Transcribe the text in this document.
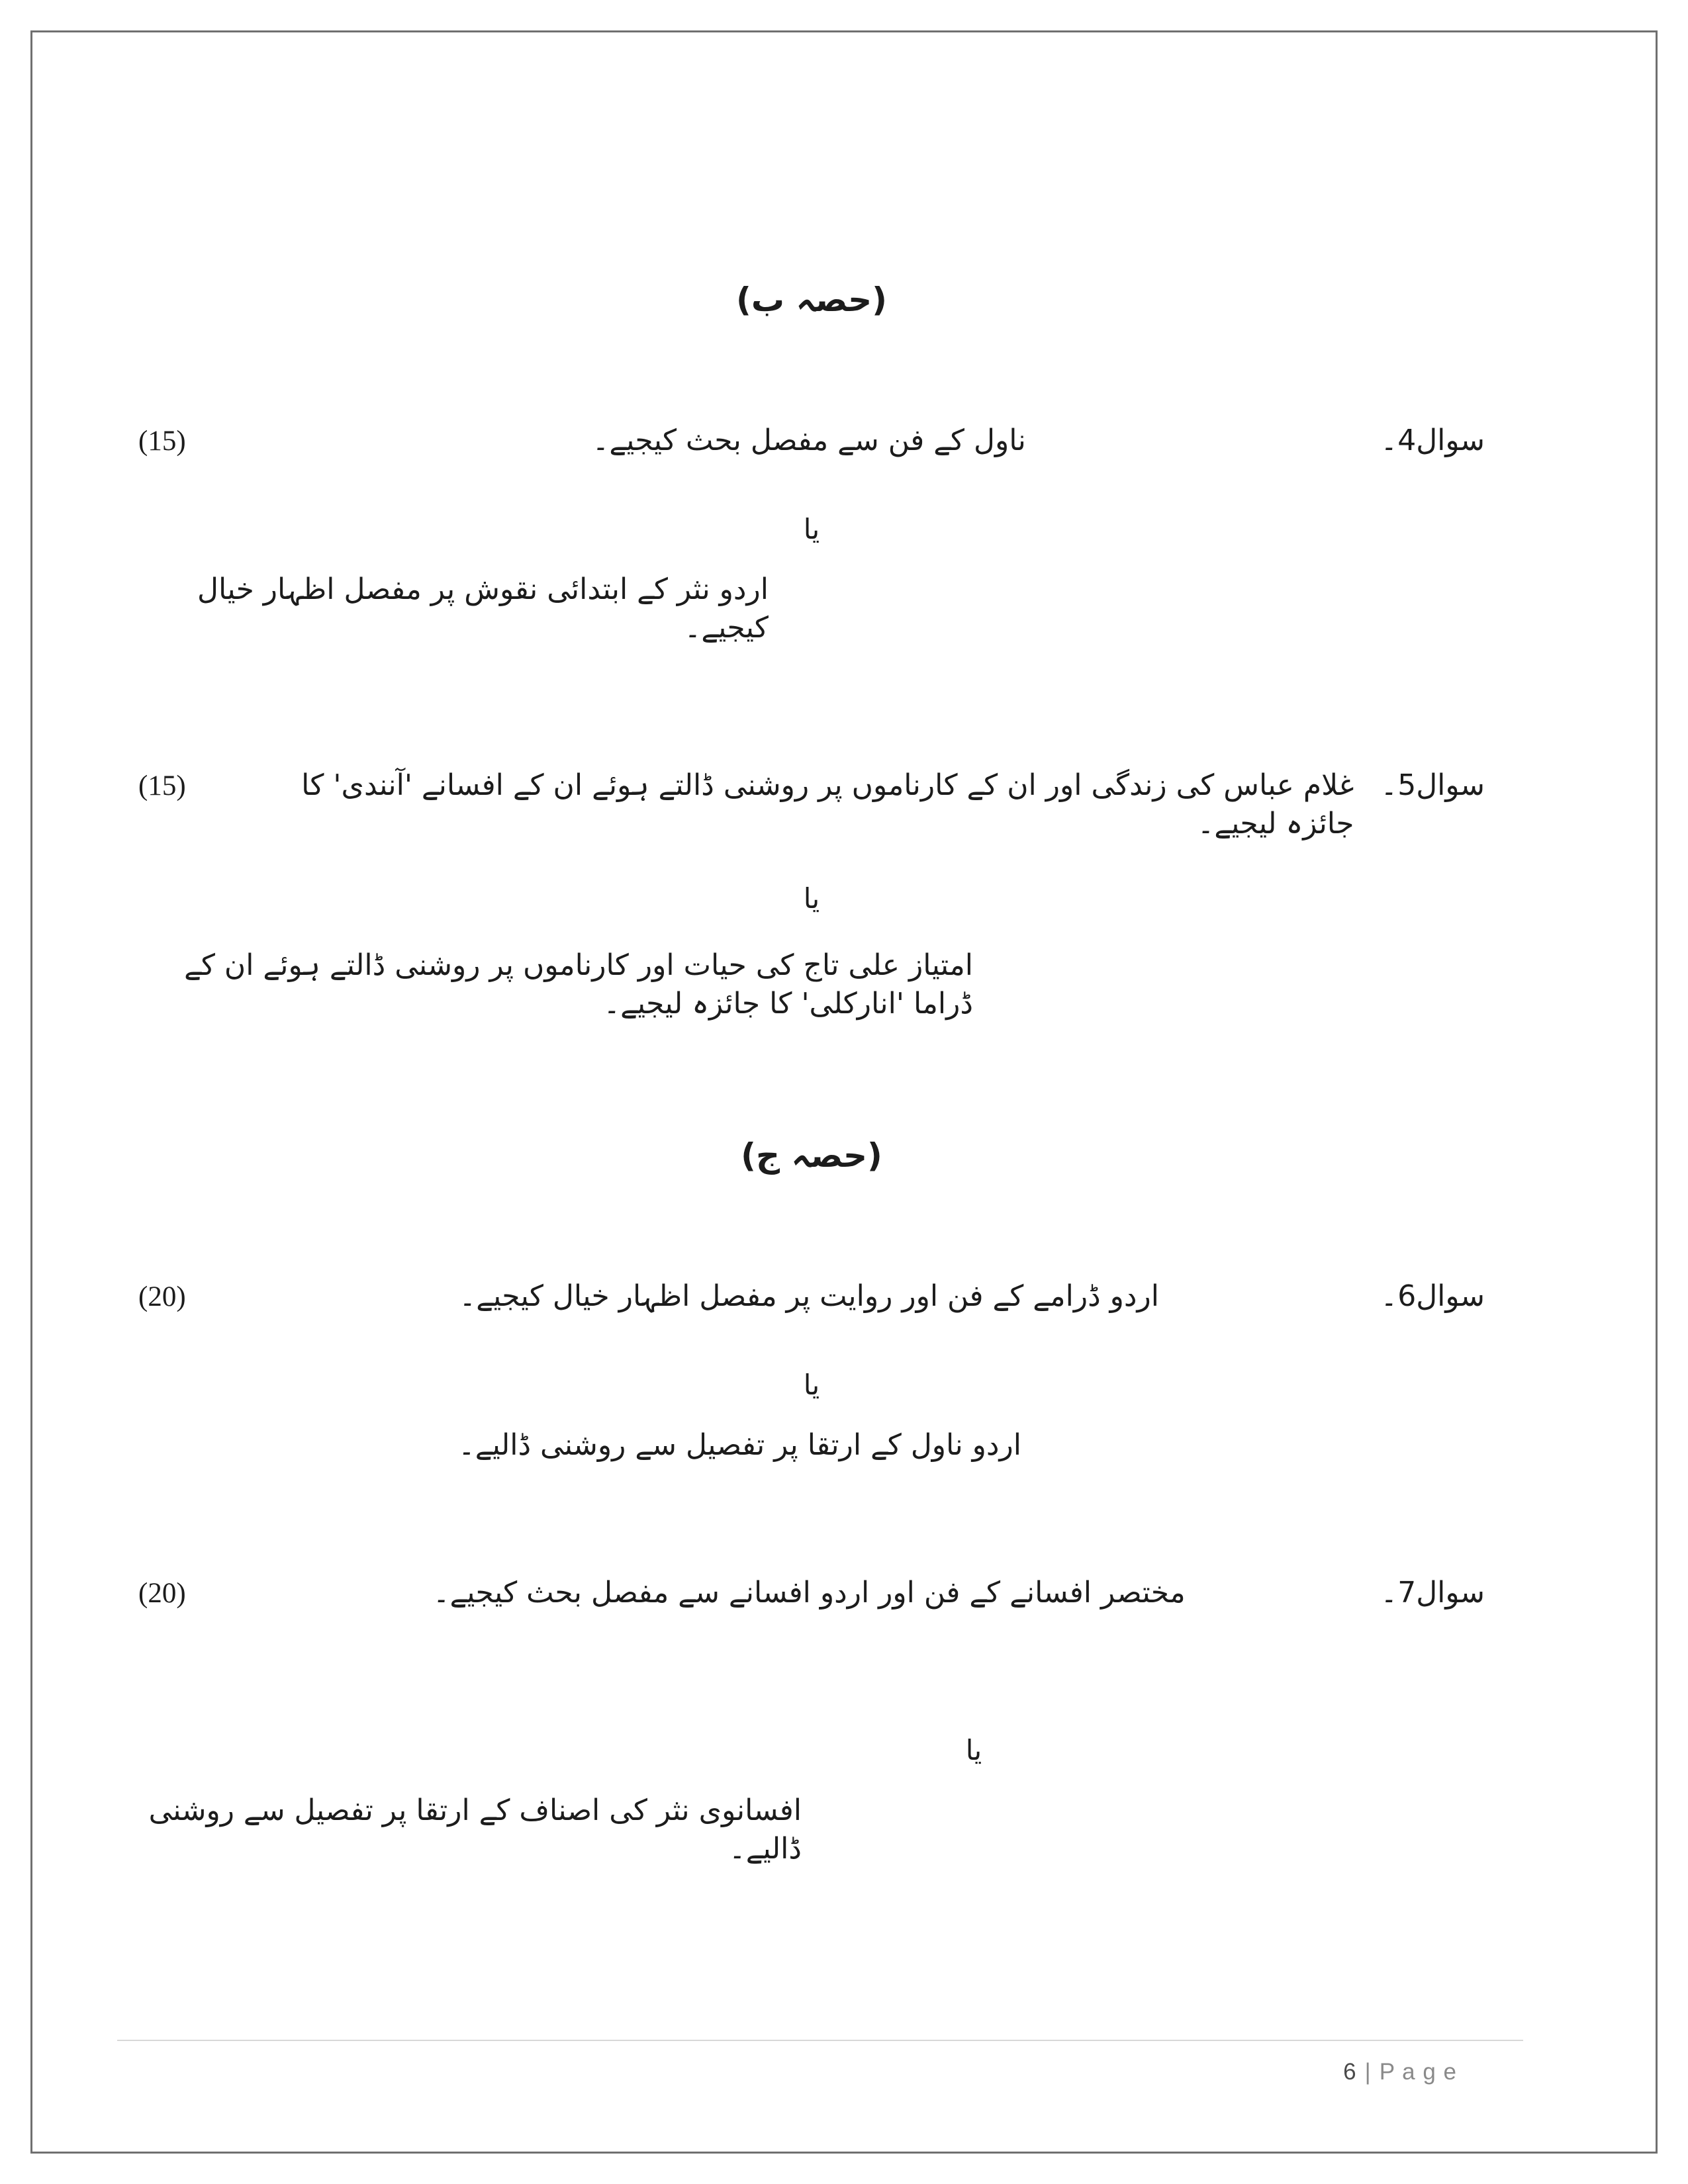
(حصہ ب)
سوال4۔
ناول کے فن سے مفصل بحث کیجیے۔
(15)
یا
اردو نثر کے ابتدائی نقوش پر مفصل اظہار خیال کیجیے۔
سوال5۔
غلام عباس کی زندگی اور ان کے کارناموں پر روشنی ڈالتے ہوئے ان کے افسانے 'آنندی' کا جائزہ لیجیے۔
(15)
یا
امتیاز علی تاج کی حیات اور کارناموں پر روشنی ڈالتے ہوئے ان کے ڈراما 'انارکلی' کا جائزہ لیجیے۔
(حصہ ج)
سوال6۔
اردو ڈرامے کے فن اور روایت پر مفصل اظہار خیال کیجیے۔
(20)
یا
اردو ناول کے ارتقا پر تفصیل سے روشنی ڈالیے۔
سوال7۔
مختصر افسانے کے فن اور اردو افسانے سے مفصل بحث کیجیے۔
(20)
یا
افسانوی نثر کی اصناف کے ارتقا پر تفصیل سے روشنی ڈالیے۔
6 | P a g e
